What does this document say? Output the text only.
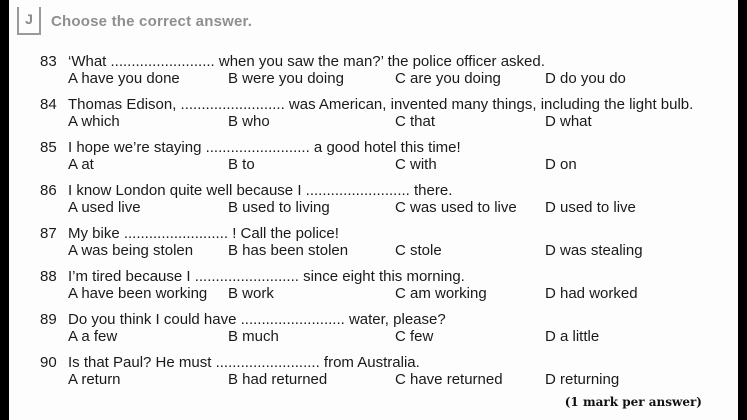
J Choose the correct answer.
83 ‘What ......................... when you saw the man?’ the police officer asked.
A have you done	B were you doing	C are you doing	D do you do
84 Thomas Edison, ......................... was American, invented many things, including the light bulb.
A which	B who	C that	D what
85 I hope we’re staying ......................... a good hotel this time!
A at	B to	C with	D on
86 I know London quite well because I ......................... there.
A used live	B used to living	C was used to live D used to live
87 My bike ......................... ! Call the police!
A was being stolen B has been stolen	C stole	D was stealing
88 I’m tired because I ......................... since eight this morning.
A have been working B work	C am working	D had worked
89 Do you think I could have ......................... water, please?
A a few	B much	C few	D a little
90 Is that Paul? He must ......................... from Australia.
A return	B had returned	C have returned	D returning
(1 mark per answer)
